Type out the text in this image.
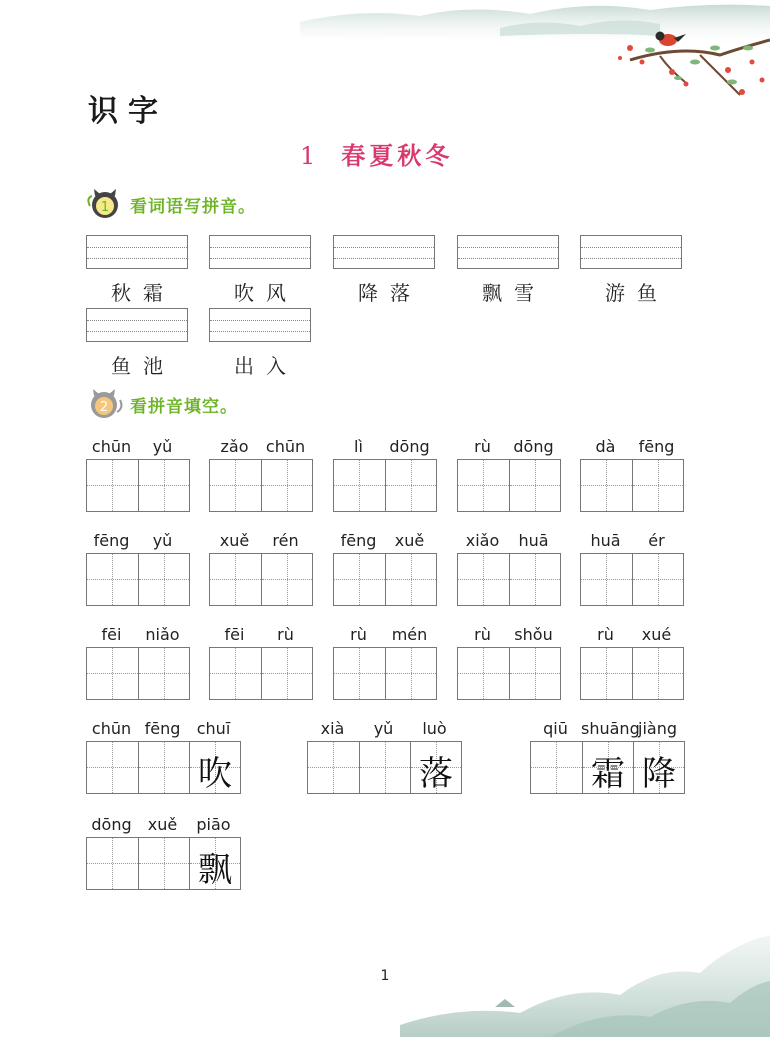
识字
1 春夏秋冬
1 看词语写拼音。
秋霜	吹风	降落	飘雪	游鱼
鱼池	出入
2 看拼音填空。
chūn	yǔ	zǎo	chūn	lì	dōng	rù	dōng	dà	fēng
fēng	yǔ	xuě	rén	fēng	xuě	xiǎo	huā	huā	ér
fēi	niǎo	fēi	rù	rù	mén	rù	shǒu	rù	xué
chūn fēng	chuī
吹
xià	yǔ	luò
落
qiū shuāng
jiàng
霜 降
dōng	xuě	piāo
飘
1
